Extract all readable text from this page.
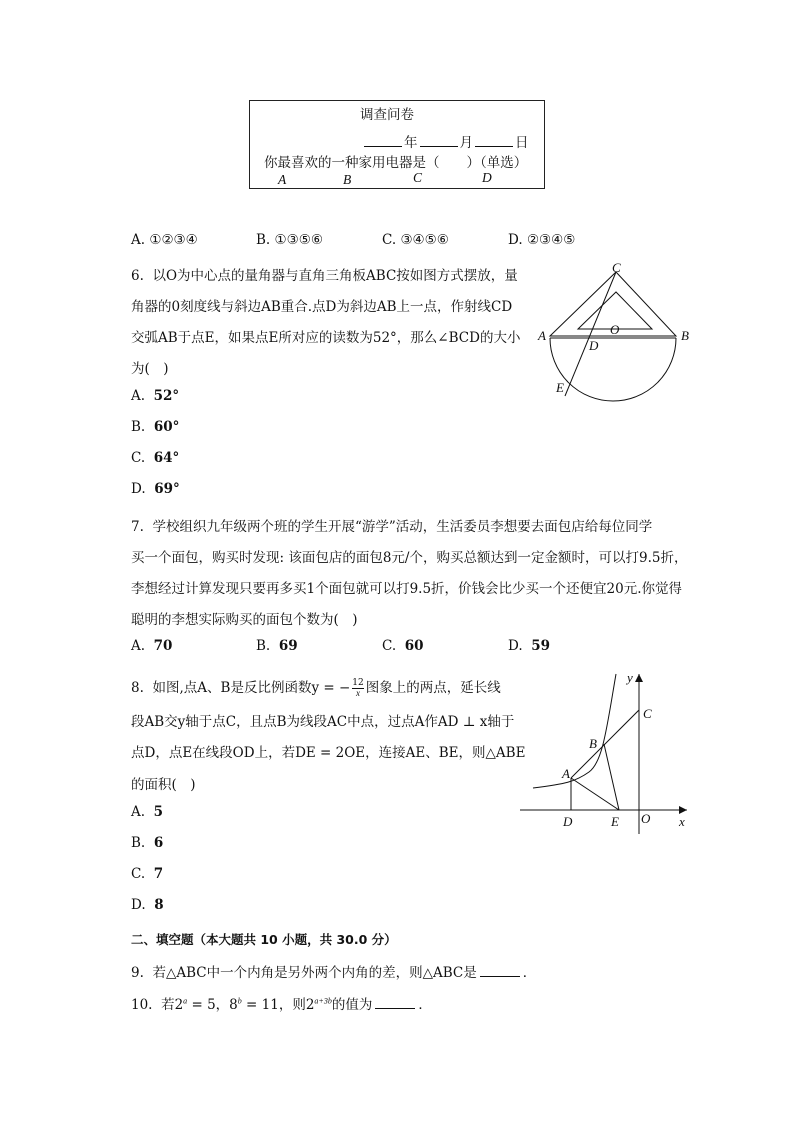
调查问卷
年	月	日
你最喜欢的一种家用电器是（　　）（单选）
A	B	C	D
A. ①②③④	B. ①③⑤⑥	C. ③④⑤⑥	D. ②③④⑤
6. 以O为中心点的量角器与直角三角板ABC按如图方式摆放，量
角器的0刻度线与斜边AB重合.点D为斜边AB上一点，作射线CD
交弧AB于点E，如果点E所对应的读数为52°，那么∠BCD的大小
为(　)
A. 52°
B. 60°
C. 64°
D. 69°
C
A	O	B
D
E
7. 学校组织九年级两个班的学生开展“游学”活动，生活委员李想要去面包店给每位同学
买一个面包，购买时发现: 该面包店的面包8元/个，购买总额达到一定金额时，可以打9.5折，
李想经过计算发现只要再多买1个面包就可以打9.5折，价钱会比少买一个还便宜20元.你觉得
聪明的李想实际购买的面包个数为(　)
A. 70	B. 69	C. 60	D. 59
8. 如图,点A、B是反比例函数y = − $\frac{12}{x}$ 图象上的两点，延长线
段AB交y轴于点C，且点B为线段AC中点，过点A作AD ⊥ x轴于
点D，点E在线段OD上，若DE = 2OE，连接AE、BE，则△ABE
的面积(　)
A. 5
B. 6
C. 7
D. 8
y
C
B
A
D	E O x
二、填空题（本大题共 10 小题，共 30.0 分）
9. 若△ABC中一个内角是另外两个内角的差，则△ABC是	．
10. 若$2^a = 5$，$8^b = 11$，则$2^{a+3b}$的值为	．
